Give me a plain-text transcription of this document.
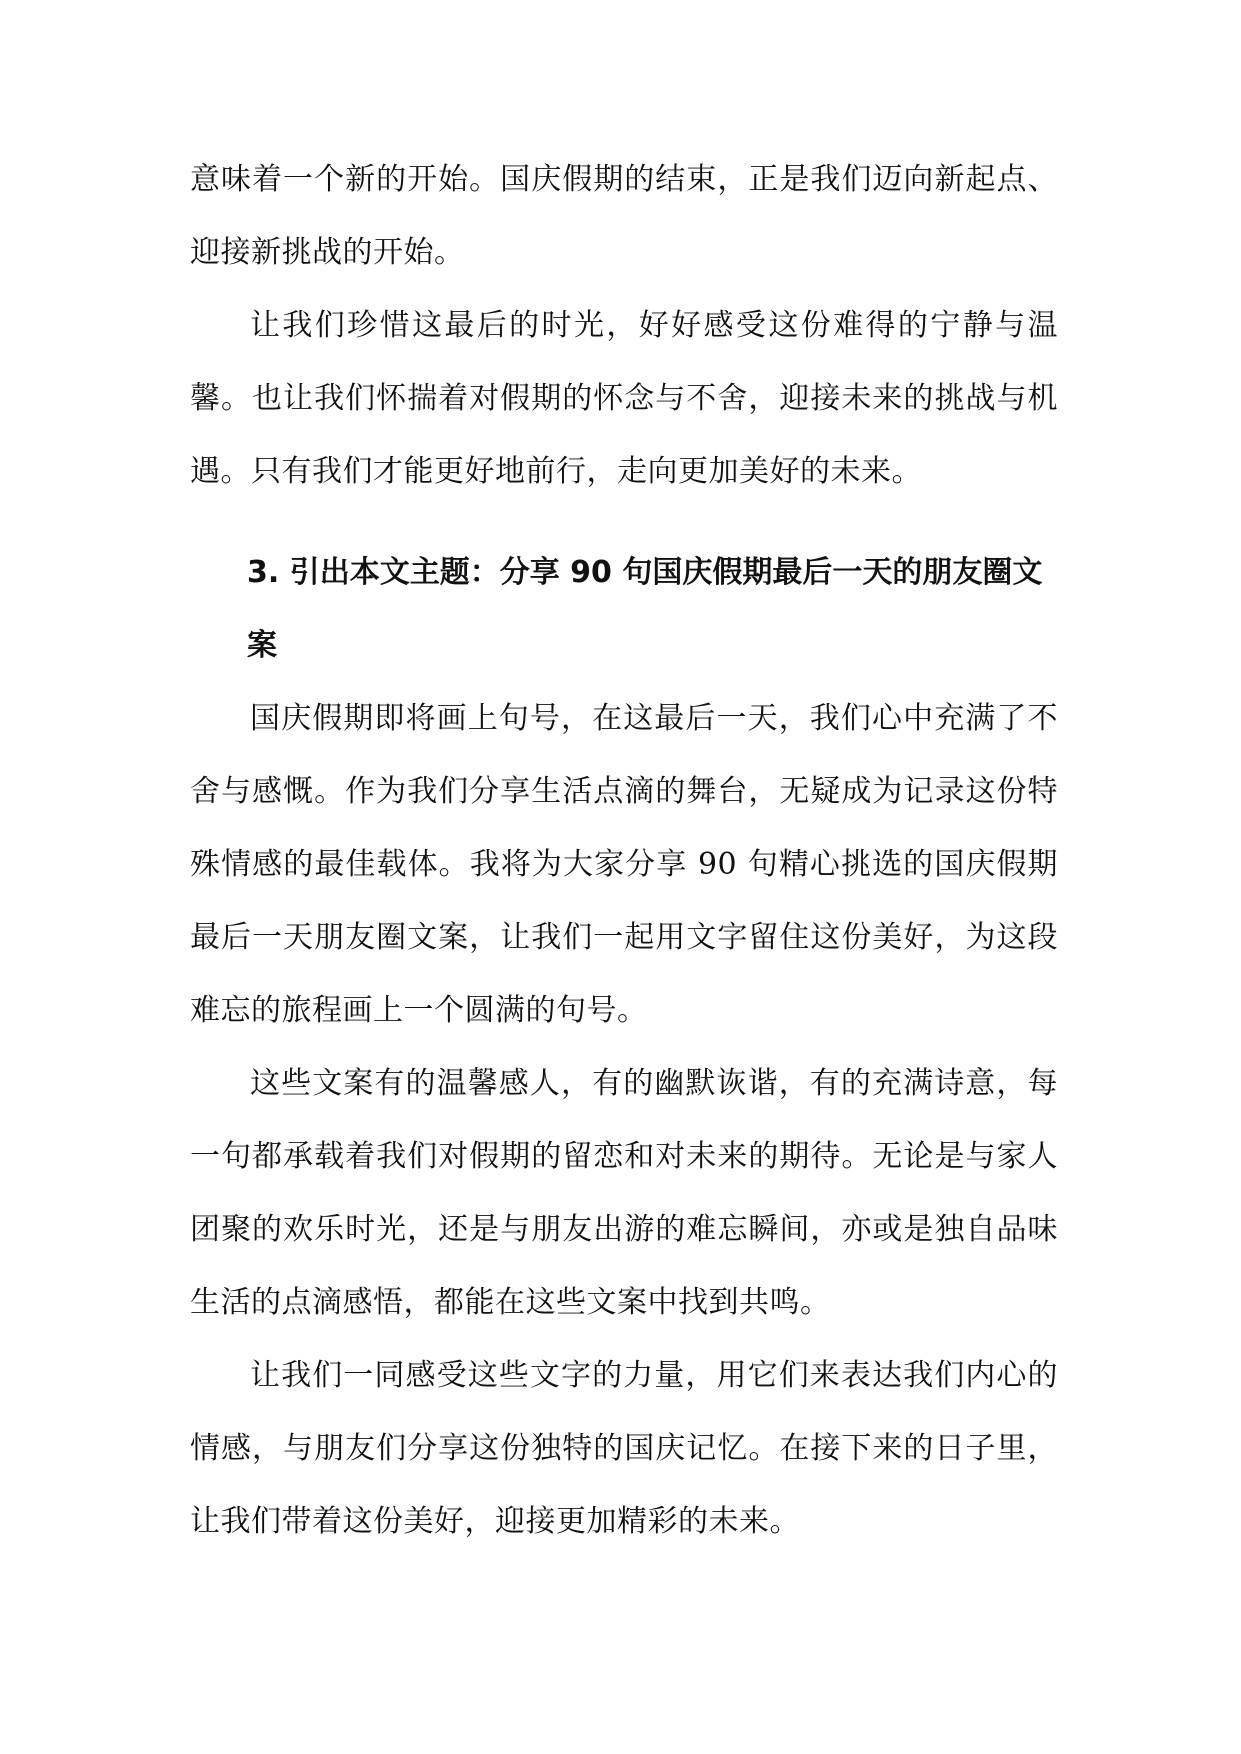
意味着一个新的开始。国庆假期的结束，正是我们迈向新起点、迎接新挑战的开始。

让我们珍惜这最后的时光，好好感受这份难得的宁静与温馨。也让我们怀揣着对假期的怀念与不舍，迎接未来的挑战与机遇。只有我们才能更好地前行，走向更加美好的未来。

3. 引出本文主题：分享 90 句国庆假期最后一天的朋友圈文案

国庆假期即将画上句号，在这最后一天，我们心中充满了不舍与感慨。作为我们分享生活点滴的舞台，无疑成为记录这份特殊情感的最佳载体。我将为大家分享 90 句精心挑选的国庆假期最后一天朋友圈文案，让我们一起用文字留住这份美好，为这段难忘的旅程画上一个圆满的句号。

这些文案有的温馨感人，有的幽默诙谐，有的充满诗意，每一句都承载着我们对假期的留恋和对未来的期待。无论是与家人团聚的欢乐时光，还是与朋友出游的难忘瞬间，亦或是独自品味生活的点滴感悟，都能在这些文案中找到共鸣。

让我们一同感受这些文字的力量，用它们来表达我们内心的情感，与朋友们分享这份独特的国庆记忆。在接下来的日子里，让我们带着这份美好，迎接更加精彩的未来。
